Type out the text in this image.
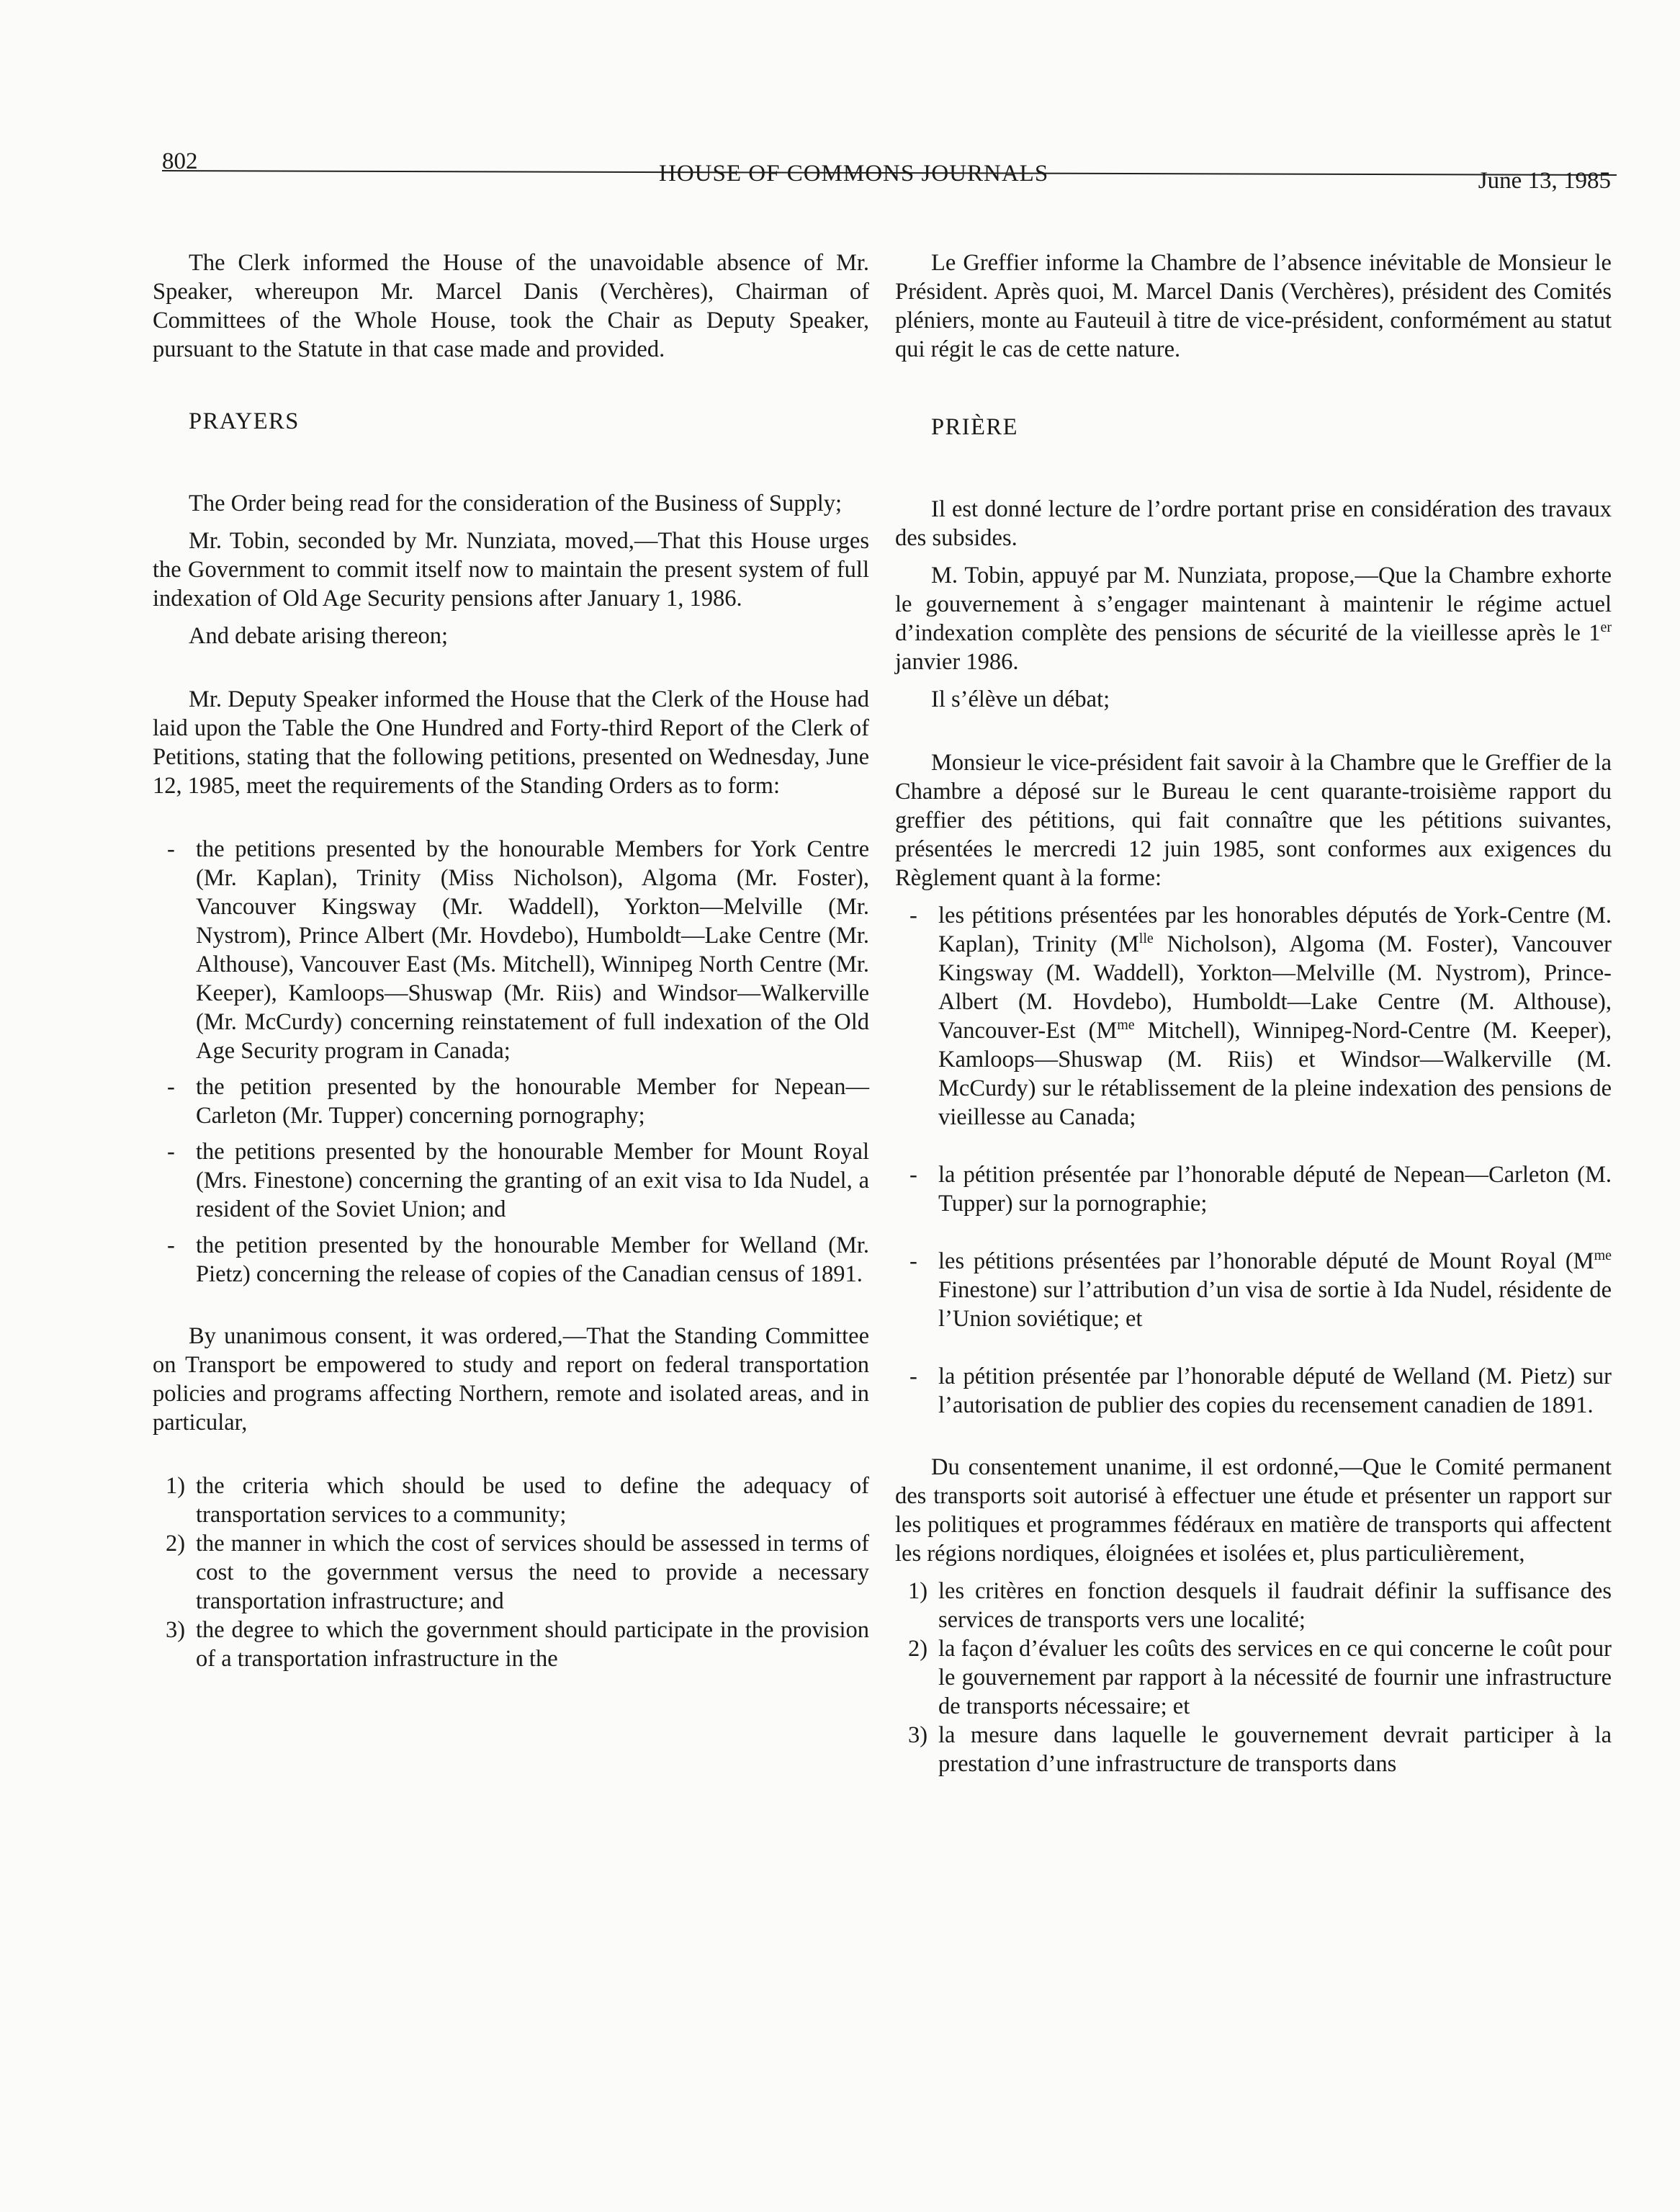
802	HOUSE OF COMMONS JOURNALS	June 13, 1985

The Clerk informed the House of the unavoidable absence of Mr. Speaker, whereupon Mr. Marcel Danis (Verchères), Chairman of Committees of the Whole House, took the Chair as Deputy Speaker, pursuant to the Statute in that case made and provided.

PRAYERS

The Order being read for the consideration of the Business of Supply;

Mr. Tobin, seconded by Mr. Nunziata, moved,—That this House urges the Government to commit itself now to maintain the present system of full indexation of Old Age Security pensions after January 1, 1986.

And debate arising thereon;

Mr. Deputy Speaker informed the House that the Clerk of the House had laid upon the Table the One Hundred and Forty-third Report of the Clerk of Petitions, stating that the following petitions, presented on Wednesday, June 12, 1985, meet the requirements of the Standing Orders as to form:

- the petitions presented by the honourable Members for York Centre (Mr. Kaplan), Trinity (Miss Nicholson), Algoma (Mr. Foster), Vancouver Kingsway (Mr. Waddell), Yorkton—Melville (Mr. Nystrom), Prince Albert (Mr. Hovdebo), Humboldt—Lake Centre (Mr. Althouse), Vancouver East (Ms. Mitchell), Winnipeg North Centre (Mr. Keeper), Kamloops—Shuswap (Mr. Riis) and Windsor—Walkerville (Mr. McCurdy) concerning reinstatement of full indexation of the Old Age Security program in Canada;
- the petition presented by the honourable Member for Nepean—Carleton (Mr. Tupper) concerning pornography;
- the petitions presented by the honourable Member for Mount Royal (Mrs. Finestone) concerning the granting of an exit visa to Ida Nudel, a resident of the Soviet Union; and
- the petition presented by the honourable Member for Welland (Mr. Pietz) concerning the release of copies of the Canadian census of 1891.

By unanimous consent, it was ordered,—That the Standing Committee on Transport be empowered to study and report on federal transportation policies and programs affecting Northern, remote and isolated areas, and in particular,

1) the criteria which should be used to define the adequacy of transportation services to a community;
2) the manner in which the cost of services should be assessed in terms of cost to the government versus the need to provide a necessary transportation infrastructure; and
3) the degree to which the government should participate in the provision of a transportation infrastructure in the

Le Greffier informe la Chambre de l’absence inévitable de Monsieur le Président. Après quoi, M. Marcel Danis (Verchères), président des Comités pléniers, monte au Fauteuil à titre de vice-président, conformément au statut qui régit le cas de cette nature.

PRIÈRE

Il est donné lecture de l’ordre portant prise en considération des travaux des subsides.

M. Tobin, appuyé par M. Nunziata, propose,—Que la Chambre exhorte le gouvernement à s’engager maintenant à maintenir le régime actuel d’indexation complète des pensions de sécurité de la vieillesse après le 1er janvier 1986.

Il s’élève un débat;

Monsieur le vice-président fait savoir à la Chambre que le Greffier de la Chambre a déposé sur le Bureau le cent quarante-troisième rapport du greffier des pétitions, qui fait connaître que les pétitions suivantes, présentées le mercredi 12 juin 1985, sont conformes aux exigences du Règlement quant à la forme:

- les pétitions présentées par les honorables députés de York-Centre (M. Kaplan), Trinity ($M^{lle}$ Nicholson), Algoma (M. Foster), Vancouver Kingsway (M. Waddell), Yorkton—Melville (M. Nystrom), Prince-Albert (M. Hovdebo), Humboldt—Lake Centre (M. Althouse), Vancouver-Est ($M^{me}$ Mitchell), Winnipeg-Nord-Centre (M. Keeper), Kamloops—Shuswap (M. Riis) et Windsor—Walkerville (M. McCurdy) sur le rétablissement de la pleine indexation des pensions de vieillesse au Canada;
- la pétition présentée par l’honorable député de Nepean—Carleton (M. Tupper) sur la pornographie;
- les pétitions présentées par l’honorable député de Mount Royal ($M^{me}$ Finestone) sur l’attribution d’un visa de sortie à Ida Nudel, résidente de l’Union soviétique; et
- la pétition présentée par l’honorable député de Welland (M. Pietz) sur l’autorisation de publier des copies du recensement canadien de 1891.

Du consentement unanime, il est ordonné,—Que le Comité permanent des transports soit autorisé à effectuer une étude et présenter un rapport sur les politiques et programmes fédéraux en matière de transports qui affectent les régions nordiques, éloignées et isolées et, plus particulièrement,

1) les critères en fonction desquels il faudrait définir la suffisance des services de transports vers une localité;
2) la façon d’évaluer les coûts des services en ce qui concerne le coût pour le gouvernement par rapport à la nécessité de fournir une infrastructure de transports nécessaire; et
3) la mesure dans laquelle le gouvernement devrait participer à la prestation d’une infrastructure de transports dans
